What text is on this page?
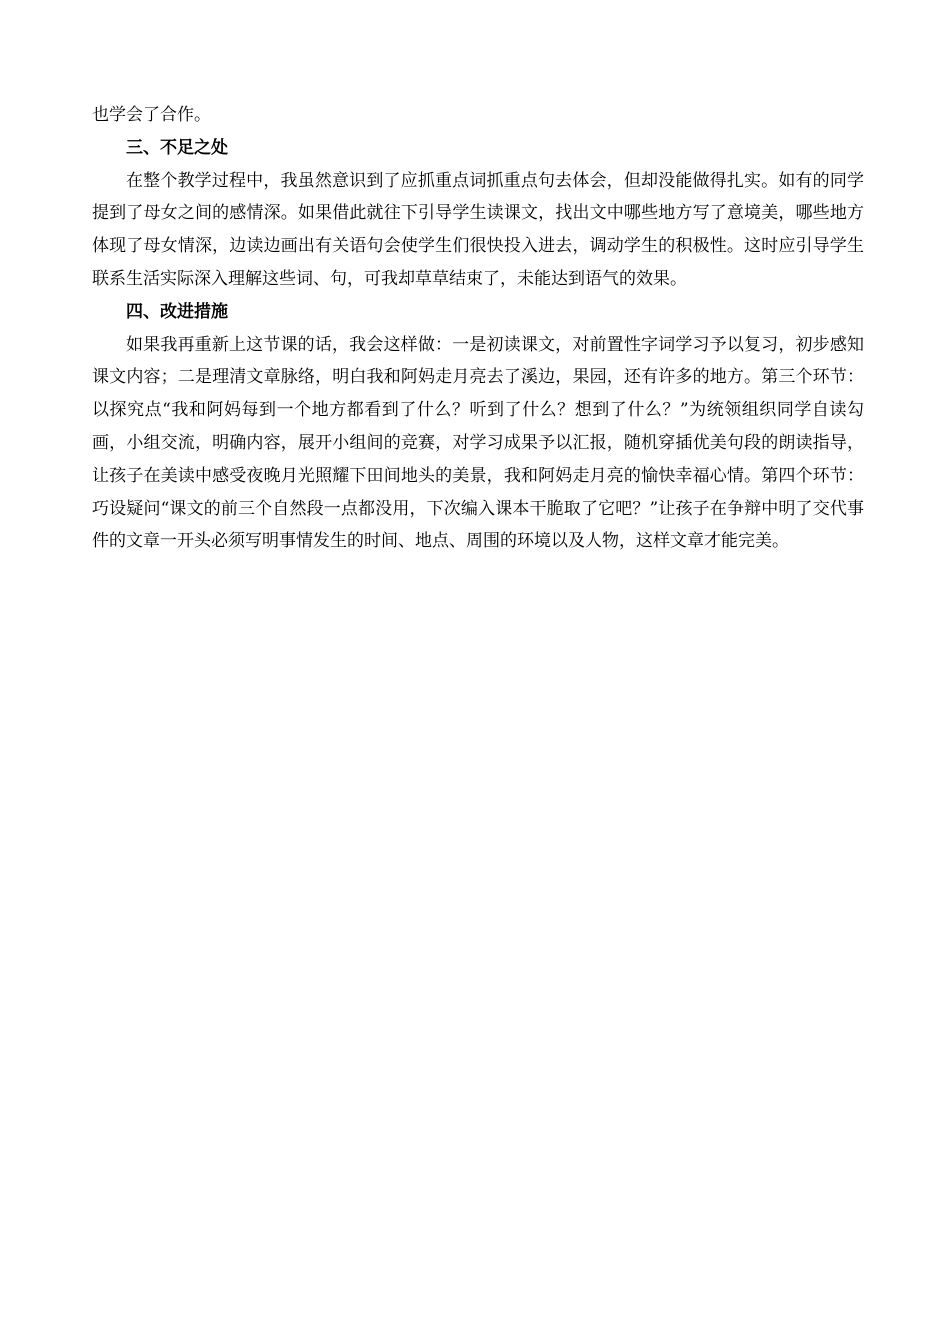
也学会了合作。

三、不足之处

在整个教学过程中，我虽然意识到了应抓重点词抓重点句去体会，但却没能做得扎实。如有的同学提到了母女之间的感情深。如果借此就往下引导学生读课文，找出文中哪些地方写了意境美，哪些地方体现了母女情深，边读边画出有关语句会使学生们很快投入进去，调动学生的积极性。这时应引导学生联系生活实际深入理解这些词、句，可我却草草结束了，未能达到语气的效果。

四、改进措施

如果我再重新上这节课的话，我会这样做：一是初读课文，对前置性字词学习予以复习，初步感知课文内容；二是理清文章脉络，明白我和阿妈走月亮去了溪边，果园，还有许多的地方。第三个环节：以探究点“我和阿妈每到一个地方都看到了什么？听到了什么？想到了什么？”为统领组织同学自读勾画，小组交流，明确内容，展开小组间的竞赛，对学习成果予以汇报，随机穿插优美句段的朗读指导，让孩子在美读中感受夜晚月光照耀下田间地头的美景，我和阿妈走月亮的愉快幸福心情。第四个环节：巧设疑问“课文的前三个自然段一点都没用，下次编入课本干脆取了它吧？”让孩子在争辩中明了交代事件的文章一开头必须写明事情发生的时间、地点、周围的环境以及人物，这样文章才能完美。
